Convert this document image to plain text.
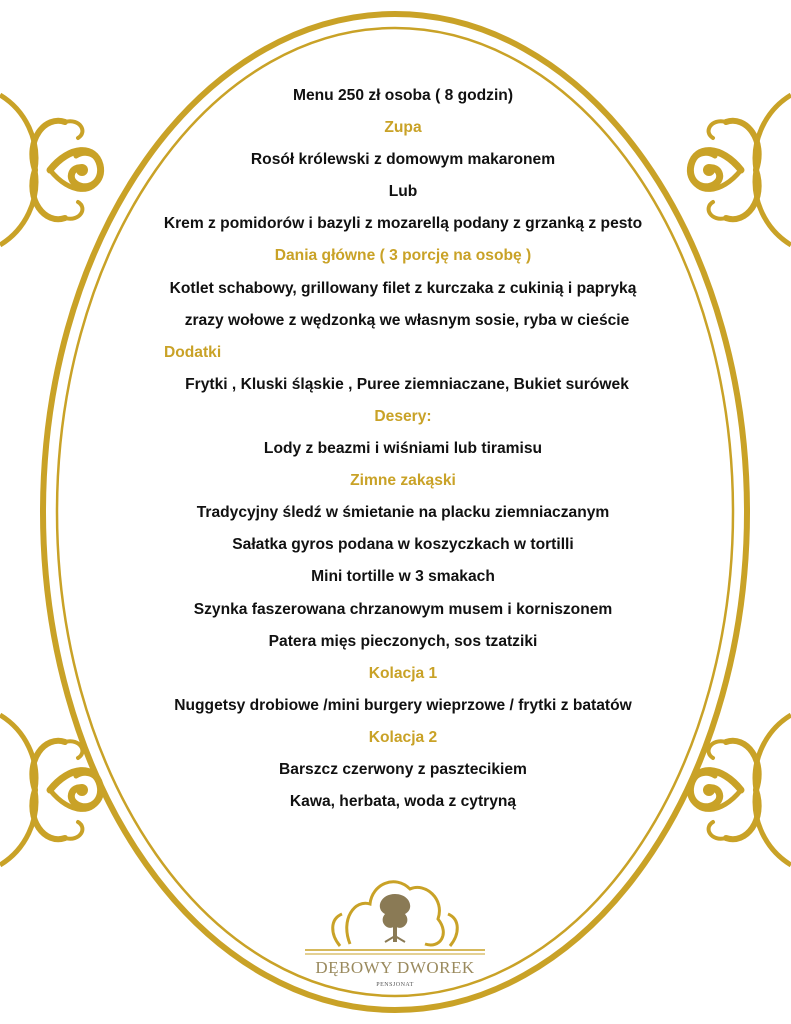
Menu 250 zł osoba ( 8 godzin)
Zupa
Rosół królewski z domowym makaronem
Lub
Krem z pomidorów i bazyli z mozarellą podany z grzanką z pesto
Dania główne ( 3 porcję na osobę )
Kotlet schabowy, grillowany filet z kurczaka z cukinią i papryką
zrazy wołowe z wędzonką we własnym sosie, ryba w cieście
Dodatki
Frytki , Kluski śląskie , Puree ziemniaczane, Bukiet surówek
Desery:
Lody z beazmi i wiśniami lub tiramisu
Zimne zakąski
Tradycyjny śledź w śmietanie na placku ziemniaczanym
Sałatka gyros podana w koszyczkach w tortilli
Mini tortille w 3 smakach
Szynka faszerowana chrzanowym musem i korniszonem
Patera mięs pieczonych, sos tzatziki
Kolacja 1
Nuggetsy drobiowe /mini burgery wieprzowe / frytki z batatów
Kolacja 2
Barszcz czerwony z pasztecikiem
Kawa, herbata, woda z cytryną
DĘBOWY DWOREK
PENSJONAT
